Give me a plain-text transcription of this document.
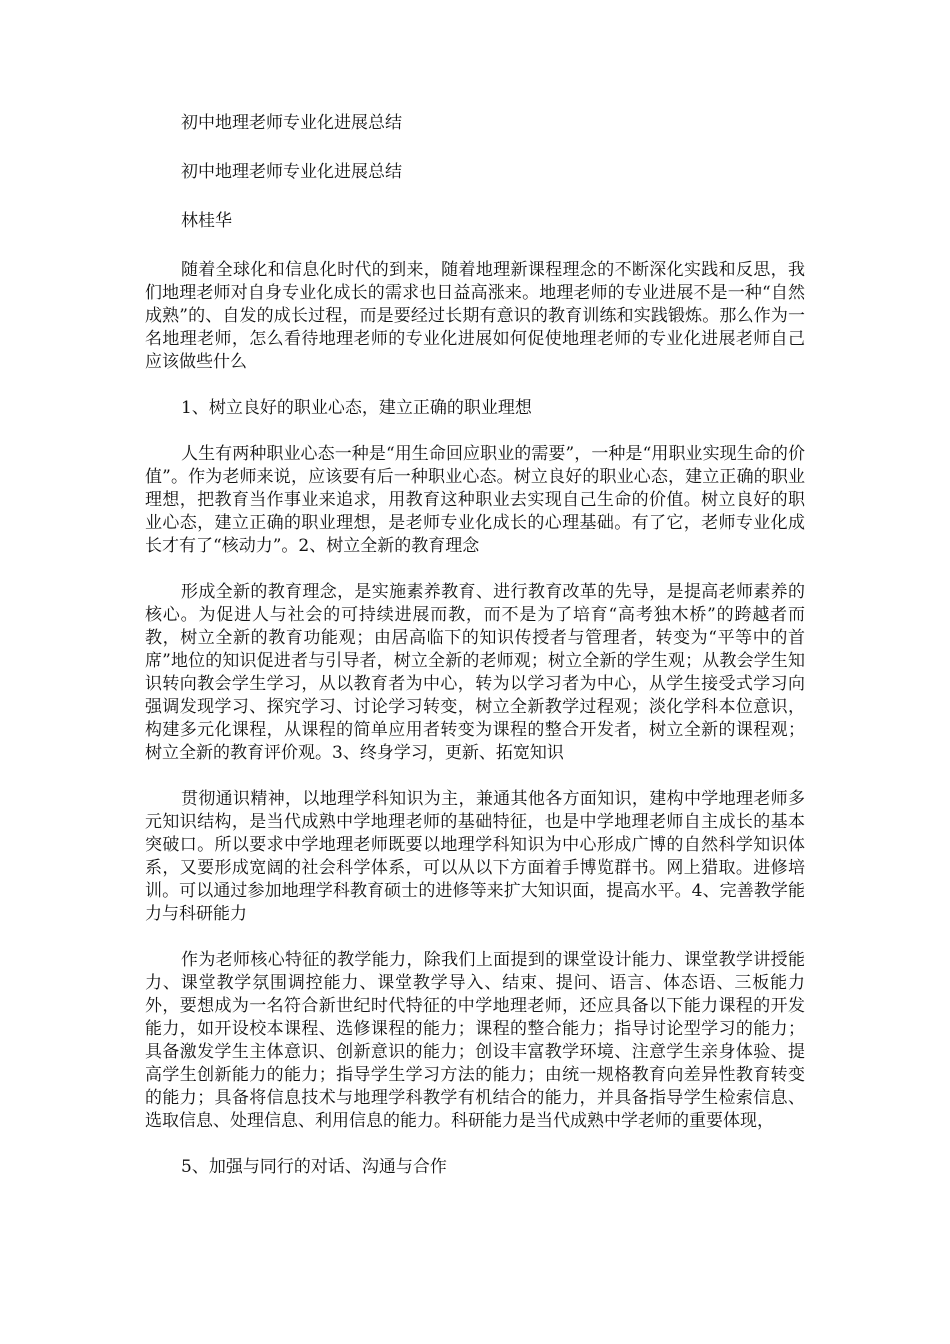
初中地理老师专业化进展总结

初中地理老师专业化进展总结

林桂华

随着全球化和信息化时代的到来，随着地理新课程理念的不断深化实践和反思，我们地理老师对自身专业化成长的需求也日益高涨来。地理老师的专业进展不是一种“自然成熟”的、自发的成长过程，而是要经过长期有意识的教育训练和实践锻炼。那么作为一名地理老师，怎么看待地理老师的专业化进展如何促使地理老师的专业化进展老师自己应该做些什么

1、树立良好的职业心态，建立正确的职业理想

人生有两种职业心态一种是“用生命回应职业的需要”，一种是“用职业实现生命的价值”。作为老师来说，应该要有后一种职业心态。树立良好的职业心态，建立正确的职业理想，把教育当作事业来追求，用教育这种职业去实现自己生命的价值。树立良好的职业心态，建立正确的职业理想，是老师专业化成长的心理基础。有了它，老师专业化成长才有了“核动力”。2、树立全新的教育理念

形成全新的教育理念，是实施素养教育、进行教育改革的先导，是提高老师素养的核心。为促进人与社会的可持续进展而教，而不是为了培育“高考独木桥”的跨越者而教，树立全新的教育功能观；由居高临下的知识传授者与管理者，转变为“平等中的首席”地位的知识促进者与引导者，树立全新的老师观；树立全新的学生观；从教会学生知识转向教会学生学习，从以教育者为中心，转为以学习者为中心，从学生接受式学习向强调发现学习、探究学习、讨论学习转变，树立全新教学过程观；淡化学科本位意识，构建多元化课程，从课程的简单应用者转变为课程的整合开发者，树立全新的课程观；树立全新的教育评价观。3、终身学习，更新、拓宽知识

贯彻通识精神，以地理学科知识为主，兼通其他各方面知识，建构中学地理老师多元知识结构，是当代成熟中学地理老师的基础特征，也是中学地理老师自主成长的基本突破口。所以要求中学地理老师既要以地理学科知识为中心形成广博的自然科学知识体系，又要形成宽阔的社会科学体系，可以从以下方面着手博览群书。网上猎取。进修培训。可以通过参加地理学科教育硕士的进修等来扩大知识面，提高水平。4、完善教学能力与科研能力

作为老师核心特征的教学能力，除我们上面提到的课堂设计能力、课堂教学讲授能力、课堂教学氛围调控能力、课堂教学导入、结束、提问、语言、体态语、三板能力外，要想成为一名符合新世纪时代特征的中学地理老师，还应具备以下能力课程的开发能力，如开设校本课程、选修课程的能力；课程的整合能力；指导讨论型学习的能力；具备激发学生主体意识、创新意识的能力；创设丰富教学环境、注意学生亲身体验、提高学生创新能力的能力；指导学生学习方法的能力；由统一规格教育向差异性教育转变的能力；具备将信息技术与地理学科教学有机结合的能力，并具备指导学生检索信息、选取信息、处理信息、利用信息的能力。科研能力是当代成熟中学老师的重要体现，

5、加强与同行的对话、沟通与合作
